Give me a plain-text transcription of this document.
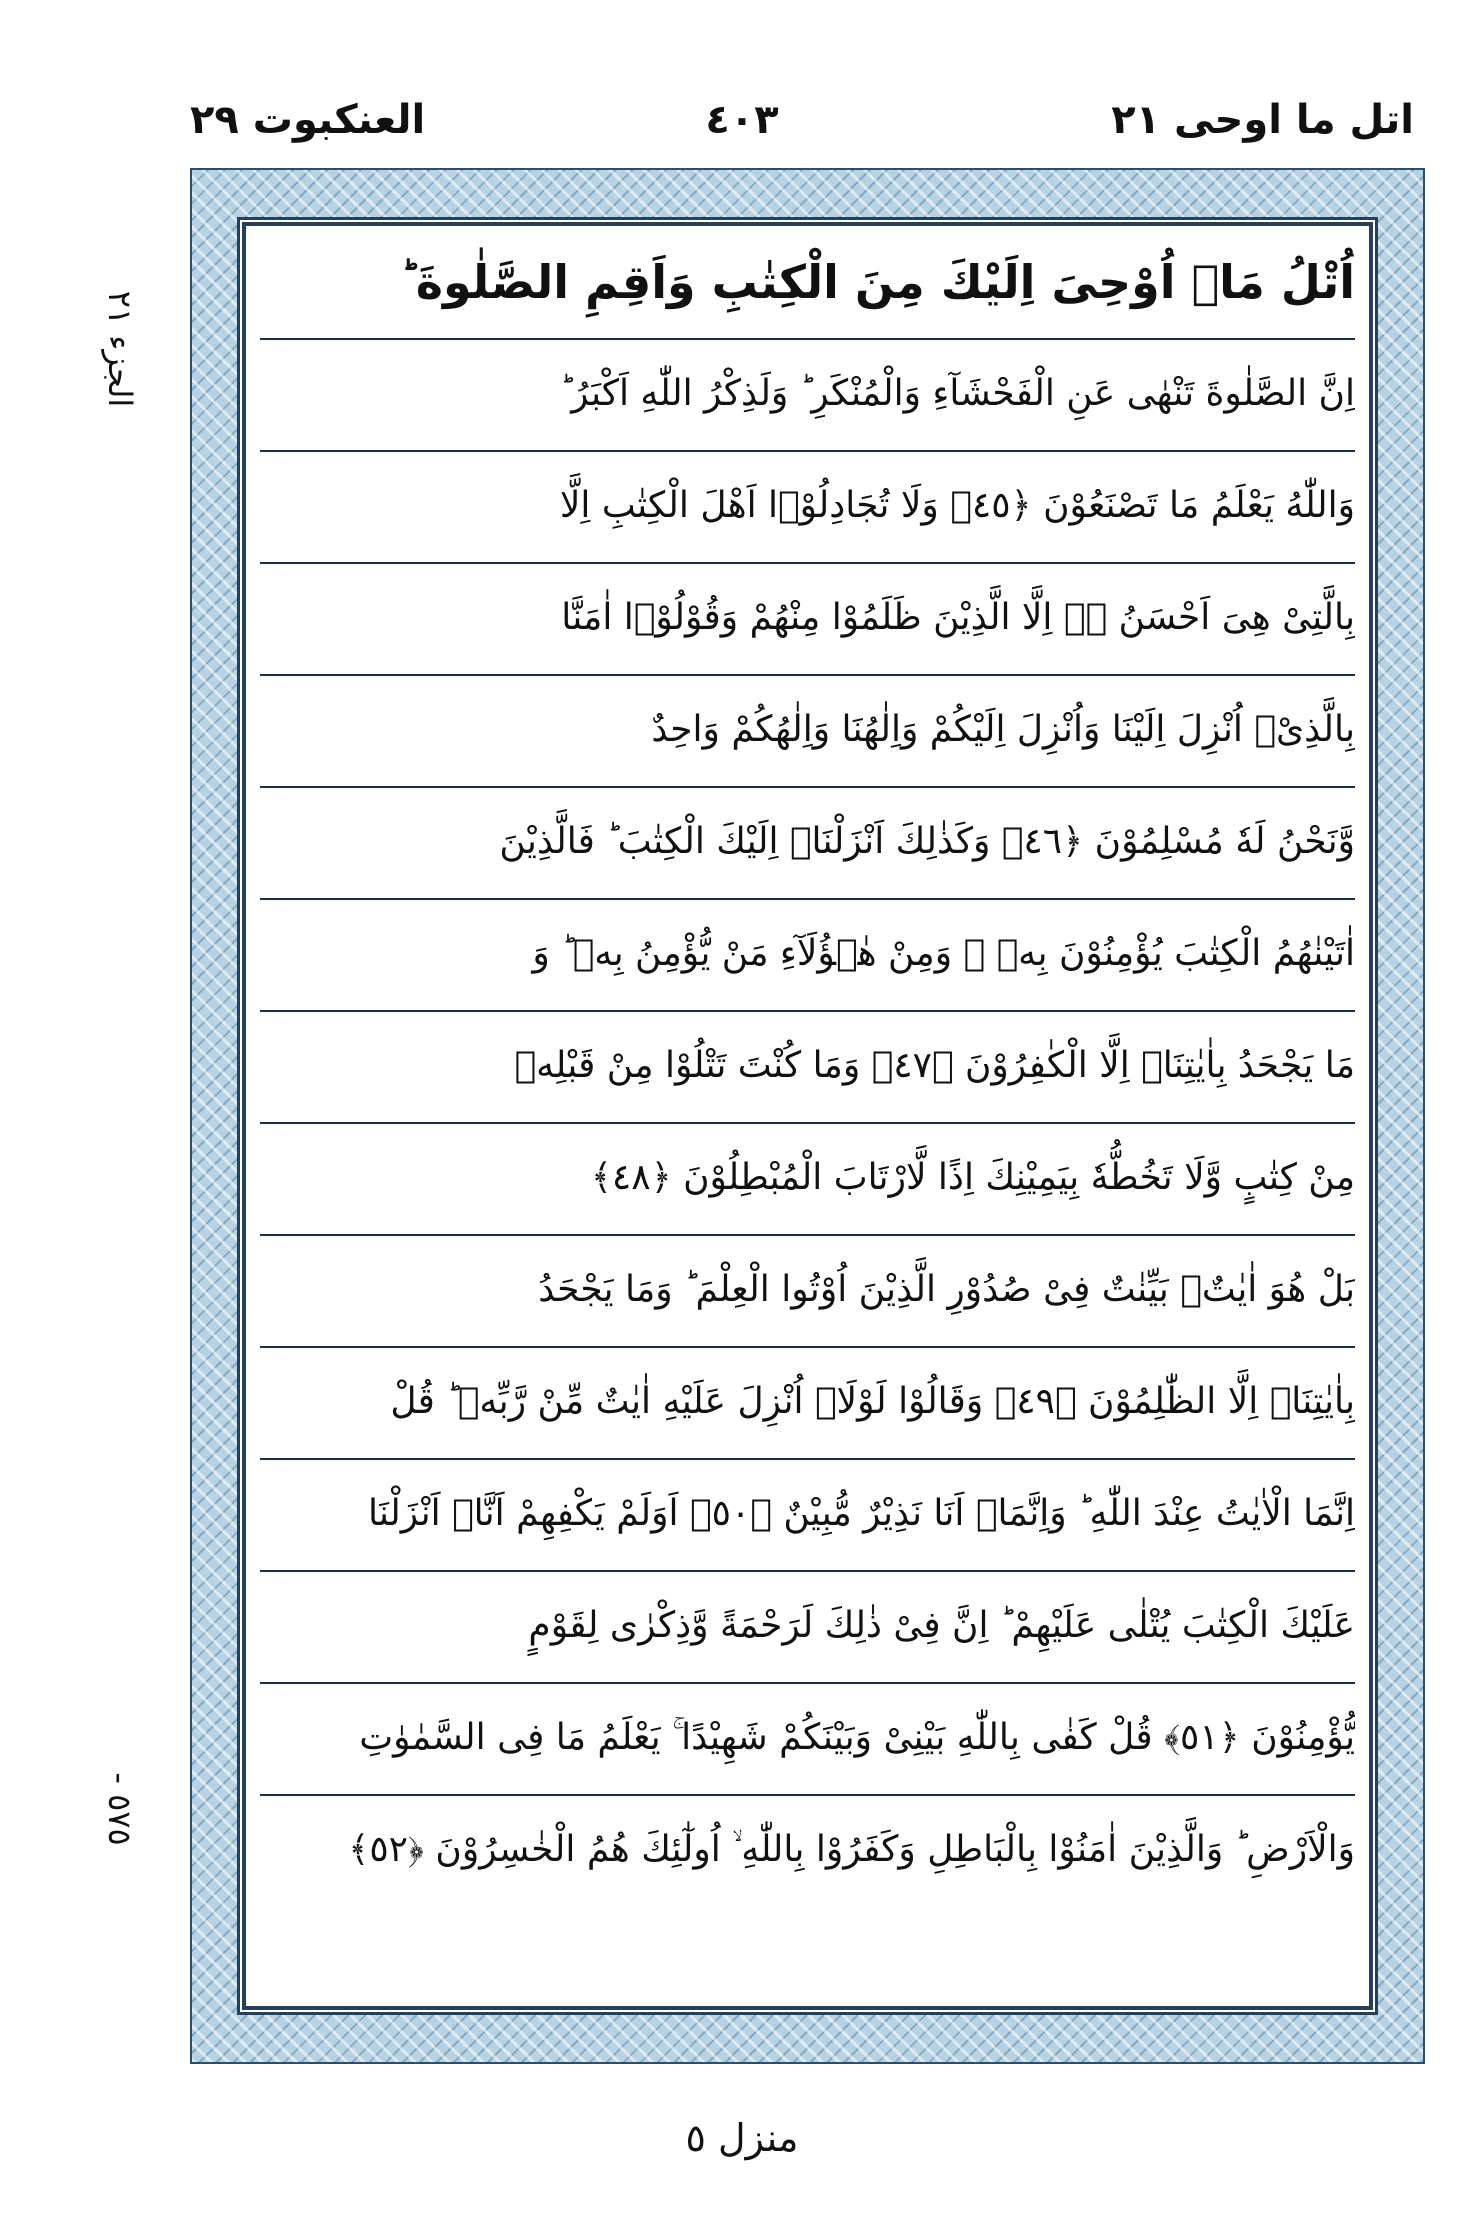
اتل ما اوحی ٢١
٤٠٣
العنکبوت ٢٩
الجزء ٢١
٥٧٥ -
اُتْلُ مَاۤ اُوْحِیَ اِلَیْكَ مِنَ الْكِتٰبِ وَاَقِمِ الصَّلٰوةَ ؕ
اِنَّ الصَّلٰوةَ تَنْهٰی عَنِ الْفَحْشَآءِ وَالْمُنْكَرِ ؕ وَلَذِكْرُ اللّٰهِ اَكْبَرُ ؕ
وَاللّٰهُ یَعْلَمُ مَا تَصْنَعُوْنَ ﴿٤٥﴾ وَلَا تُجَادِلُوْۤا اَهْلَ الْكِتٰبِ اِلَّا
بِالَّتِیْ هِیَ اَحْسَنُ ۖۗ اِلَّا الَّذِیْنَ ظَلَمُوْا مِنْهُمْ وَقُوْلُوْۤا اٰمَنَّا
بِالَّذِیْۤ اُنْزِلَ اِلَیْنَا وَاُنْزِلَ اِلَیْكُمْ وَاِلٰهُنَا وَاِلٰهُكُمْ وَاحِدٌ
وَّنَحْنُ لَهٗ مُسْلِمُوْنَ ﴿٤٦﴾ وَكَذٰلِكَ اَنْزَلْنَاۤ اِلَیْكَ الْكِتٰبَ ؕ فَالَّذِیْنَ
اٰتَیْنٰهُمُ الْكِتٰبَ یُؤْمِنُوْنَ بِهٖ ۚ وَمِنْ هٰۤؤُلَآءِ مَنْ یُّؤْمِنُ بِهٖ ؕ وَ
مَا یَجْحَدُ بِاٰیٰتِنَاۤ اِلَّا الْكٰفِرُوْنَ ﴿٤٧﴾ وَمَا كُنْتَ تَتْلُوْا مِنْ قَبْلِهٖ
مِنْ كِتٰبٍ وَّلَا تَخُطُّهٗ بِیَمِیْنِكَ اِذًا لَّارْتَابَ الْمُبْطِلُوْنَ ﴿٤٨﴾
بَلْ هُوَ اٰیٰتٌۢ بَیِّنٰتٌ فِیْ صُدُوْرِ الَّذِیْنَ اُوْتُوا الْعِلْمَ ؕ وَمَا یَجْحَدُ
بِاٰیٰتِنَاۤ اِلَّا الظّٰلِمُوْنَ ﴿٤٩﴾ وَقَالُوْا لَوْلَاۤ اُنْزِلَ عَلَیْهِ اٰیٰتٌ مِّنْ رَّبِّهٖ ؕ قُلْ
اِنَّمَا الْاٰیٰتُ عِنْدَ اللّٰهِ ؕ وَاِنَّمَاۤ اَنَا نَذِیْرٌ مُّبِیْنٌ ﴿٥٠﴾ اَوَلَمْ یَكْفِهِمْ اَنَّاۤ اَنْزَلْنَا
عَلَیْكَ الْكِتٰبَ یُتْلٰی عَلَیْهِمْ ؕ اِنَّ فِیْ ذٰلِكَ لَرَحْمَةً وَّذِكْرٰی لِقَوْمٍ
یُّؤْمِنُوْنَ ﴿٥١﴾ قُلْ كَفٰی بِاللّٰهِ بَیْنِیْ وَبَیْنَكُمْ شَهِیْدًا ۚ یَعْلَمُ مَا فِی السَّمٰوٰتِ
وَالْاَرْضِ ؕ وَالَّذِیْنَ اٰمَنُوْا بِالْبَاطِلِ وَكَفَرُوْا بِاللّٰهِ ۙ اُولٰٓئِكَ هُمُ الْخٰسِرُوْنَ ﴿٥٢﴾
منزل ٥
